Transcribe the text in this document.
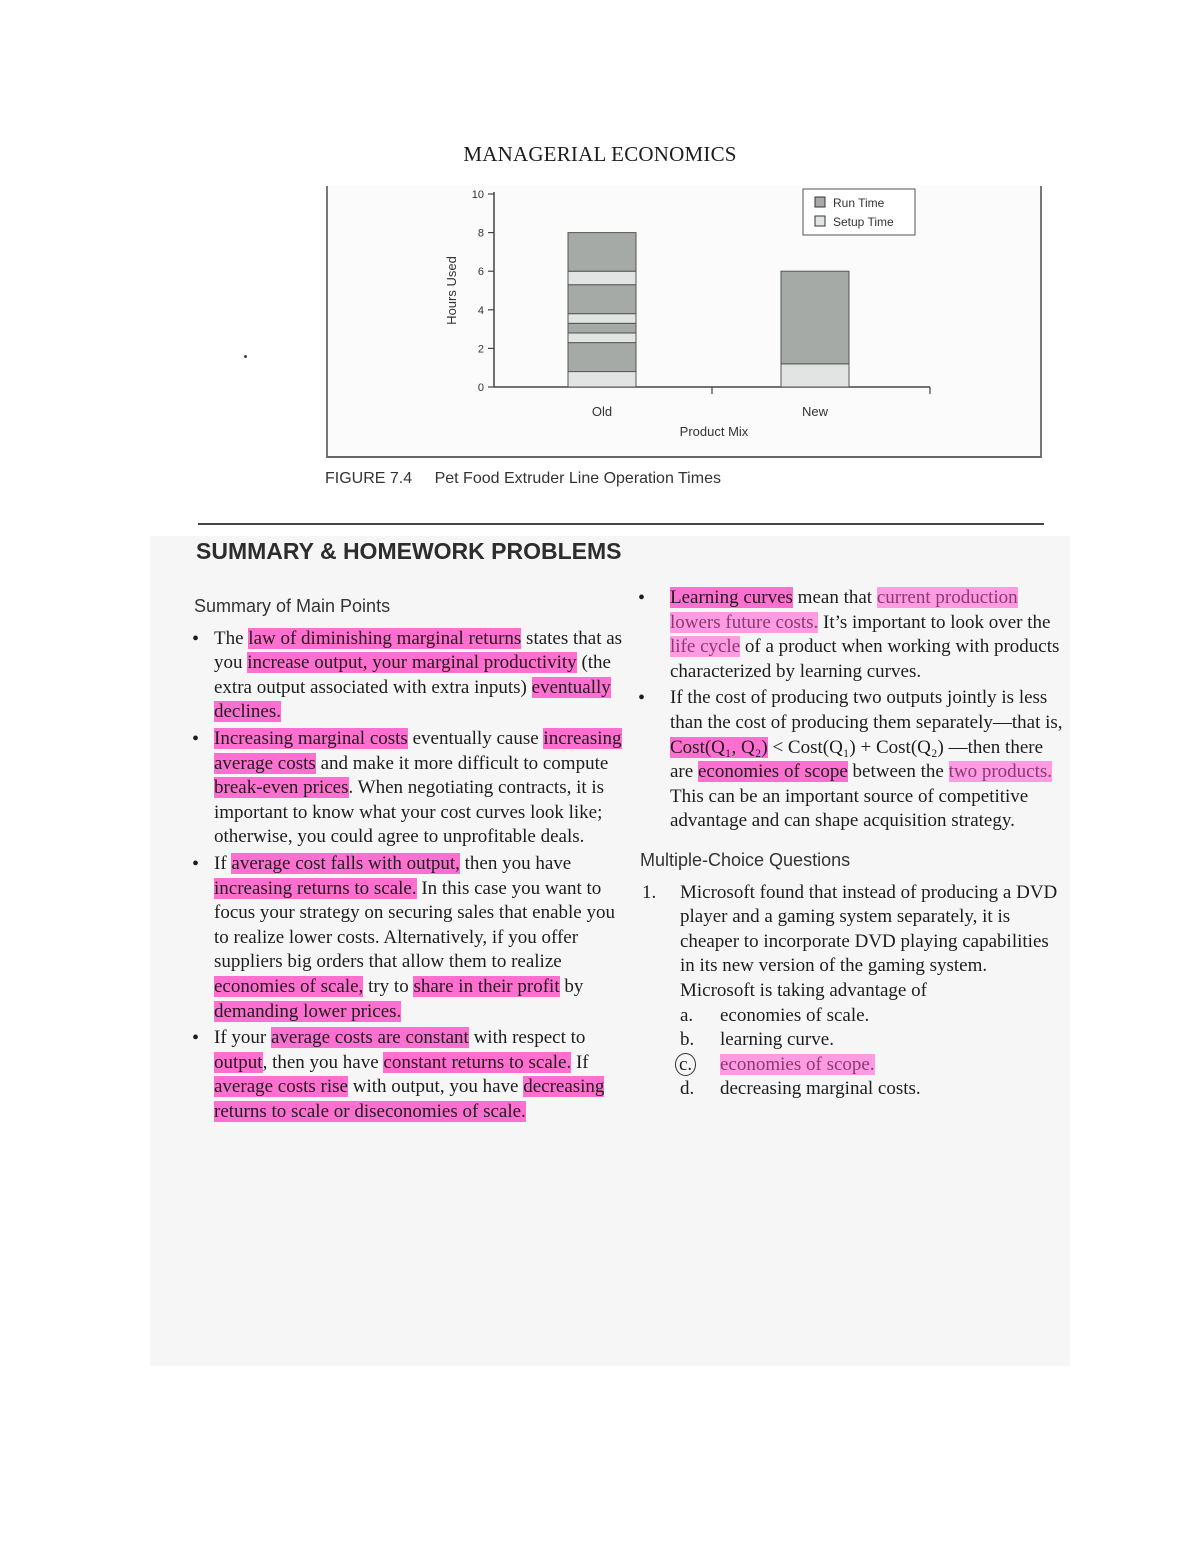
MANAGERIAL ECONOMICS
0
2
4
6
8
10
Hours Used
Old	New
Product Mix
Run Time
Setup Time
FIGURE 7.4 Pet Food Extruder Line Operation Times
SUMMARY & HOMEWORK PROBLEMS
Summary of Main Points
• The law of diminishing marginal returns states that as you increase output, your marginal productivity (the extra output associated with extra inputs) eventually declines.
• Increasing marginal costs eventually cause increasing average costs and make it more difficult to compute break-even prices. When negotiating contracts, it is important to know what your cost curves look like; otherwise, you could agree to unprofitable deals.
• If average cost falls with output, then you have increasing returns to scale. In this case you want to focus your strategy on securing sales that enable you to realize lower costs. Alternatively, if you offer suppliers big orders that allow them to realize economies of scale, try to share in their profit by demanding lower prices.
• If your average costs are constant with respect to output, then you have constant returns to scale. If average costs rise with output, you have decreasing returns to scale or diseconomies of scale.
• Learning curves mean that current production lowers future costs. It’s important to look over the life cycle of a product when working with products characterized by learning curves.
• If the cost of producing two outputs jointly is less than the cost of producing them separately—that is, Cost(Q₁, Q₂) < Cost(Q₁) + Cost(Q₂) —then there are economies of scope between the two products. This can be an important source of competitive advantage and can shape acquisition strategy.
Multiple-Choice Questions
1. Microsoft found that instead of producing a DVD player and a gaming system separately, it is cheaper to incorporate DVD playing capabilities in its new version of the gaming system. Microsoft is taking advantage of
a. economies of scale.
b. learning curve.
c. economies of scope.
d. decreasing marginal costs.
